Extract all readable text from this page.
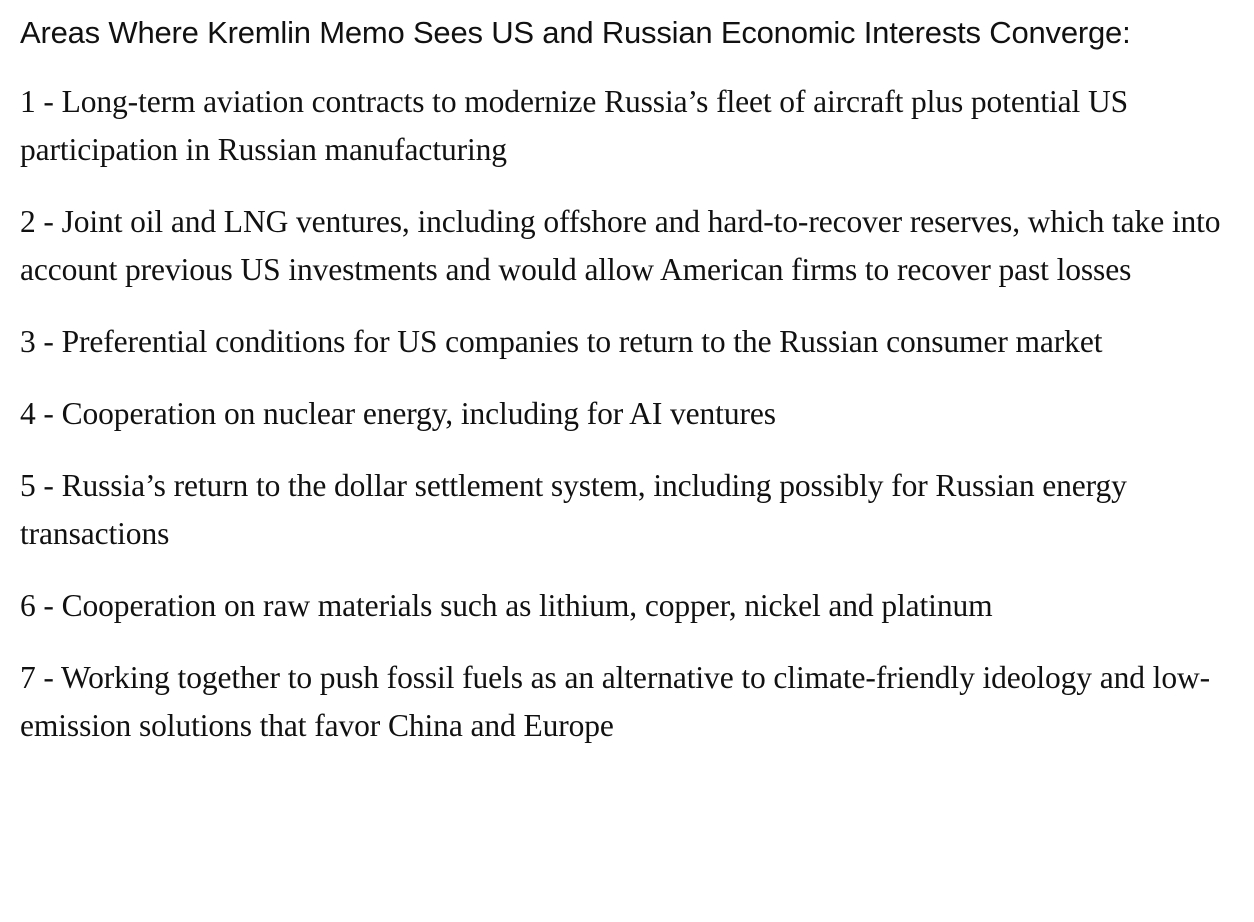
Areas Where Kremlin Memo Sees US and Russian Economic Interests Converge:
1 - Long-term aviation contracts to modernize Russia’s fleet of aircraft plus potential US participation in Russian manufacturing
2 - Joint oil and LNG ventures, including offshore and hard-to-recover reserves, which take into account previous US investments and would allow American firms to recover past losses
3 - Preferential conditions for US companies to return to the Russian consumer market
4 - Cooperation on nuclear energy, including for AI ventures
5 - Russia’s return to the dollar settlement system, including possibly for Russian energy transactions
6 - Cooperation on raw materials such as lithium, copper, nickel and platinum
7 - Working together to push fossil fuels as an alternative to climate-friendly ideology and low-emission solutions that favor China and Europe
